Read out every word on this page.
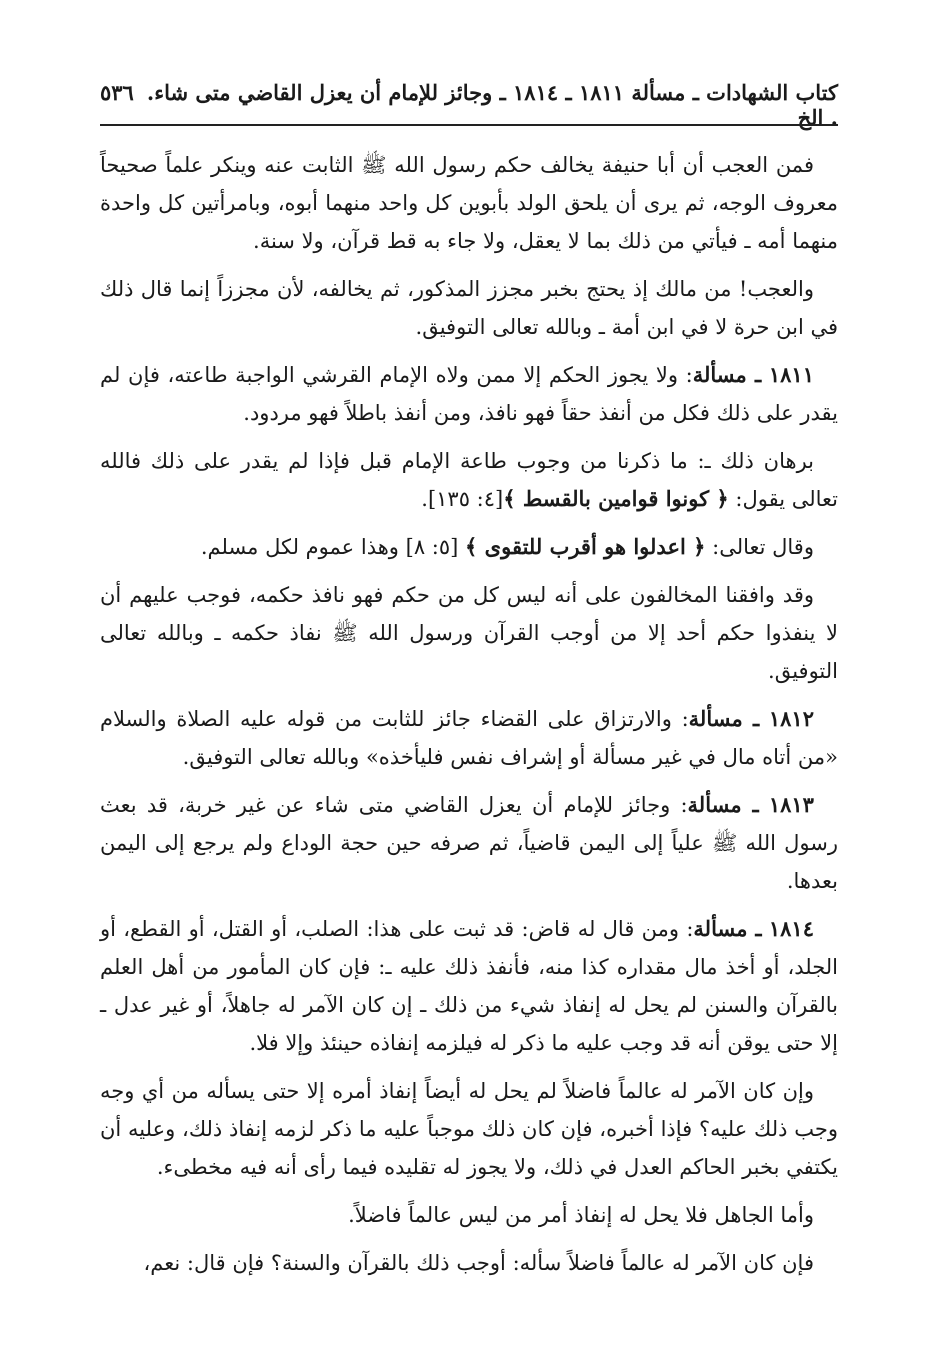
كتاب الشهادات ـ مسألة ١٨١١ ـ ١٨١٤ ـ وجائز للإمام أن يعزل القاضي متى شاء. . الخ
٥٣٦

فمن العجب أن أبا حنيفة يخالف حكم رسول الله ﷺ الثابت عنه وينكر علماً صحيحاً معروف الوجه، ثم يرى أن يلحق الولد بأبوين كل واحد منهما أبوه، وبامرأتين كل واحدة منهما أمه ـ فيأتي من ذلك بما لا يعقل، ولا جاء به قط قرآن، ولا سنة.

والعجب! من مالك إذ يحتج بخبر مجزز المذكور، ثم يخالفه، لأن مجززاً إنما قال ذلك في ابن حرة لا في ابن أمة ـ وبالله تعالى التوفيق.

١٨١١ ـ مسألة: ولا يجوز الحكم إلا ممن ولاه الإمام القرشي الواجبة طاعته، فإن لم يقدر على ذلك فكل من أنفذ حقاً فهو نافذ، ومن أنفذ باطلاً فهو مردود.

برهان ذلك ـ: ما ذكرنا من وجوب طاعة الإمام قبل فإذا لم يقدر على ذلك فالله تعالى يقول: ﴿ كونوا قوامين بالقسط ﴾[٤: ١٣٥].

وقال تعالى: ﴿ اعدلوا هو أقرب للتقوى ﴾ [٥: ٨] وهذا عموم لكل مسلم.

وقد وافقنا المخالفون على أنه ليس كل من حكم فهو نافذ حكمه، فوجب عليهم أن لا ينفذوا حكم أحد إلا من أوجب القرآن ورسول الله ﷺ نفاذ حكمه ـ وبالله تعالى التوفيق.

١٨١٢ ـ مسألة: والارتزاق على القضاء جائز للثابت من قوله عليه الصلاة والسلام «من أتاه مال في غير مسألة أو إشراف نفس فليأخذه» وبالله تعالى التوفيق.

١٨١٣ ـ مسألة: وجائز للإمام أن يعزل القاضي متى شاء عن غير خربة، قد بعث رسول الله ﷺ علياً إلى اليمن قاضياً، ثم صرفه حين حجة الوداع ولم يرجع إلى اليمن بعدها.

١٨١٤ ـ مسألة: ومن قال له قاض: قد ثبت على هذا: الصلب، أو القتل، أو القطع، أو الجلد، أو أخذ مال مقداره كذا منه، فأنفذ ذلك عليه ـ: فإن كان المأمور من أهل العلم بالقرآن والسنن لم يحل له إنفاذ شيء من ذلك ـ إن كان الآمر له جاهلاً، أو غير عدل ـ إلا حتى يوقن أنه قد وجب عليه ما ذكر له فيلزمه إنفاذه حينئذ وإلا فلا.

وإن كان الآمر له عالماً فاضلاً لم يحل له أيضاً إنفاذ أمره إلا حتى يسأله من أي وجه وجب ذلك عليه؟ فإذا أخبره، فإن كان ذلك موجباً عليه ما ذكر لزمه إنفاذ ذلك، وعليه أن يكتفي بخبر الحاكم العدل في ذلك، ولا يجوز له تقليده فيما رأى أنه فيه مخطىء.

وأما الجاهل فلا يحل له إنفاذ أمر من ليس عالماً فاضلاً.

فإن كان الآمر له عالماً فاضلاً سأله: أوجب ذلك بالقرآن والسنة؟ فإن قال: نعم،
